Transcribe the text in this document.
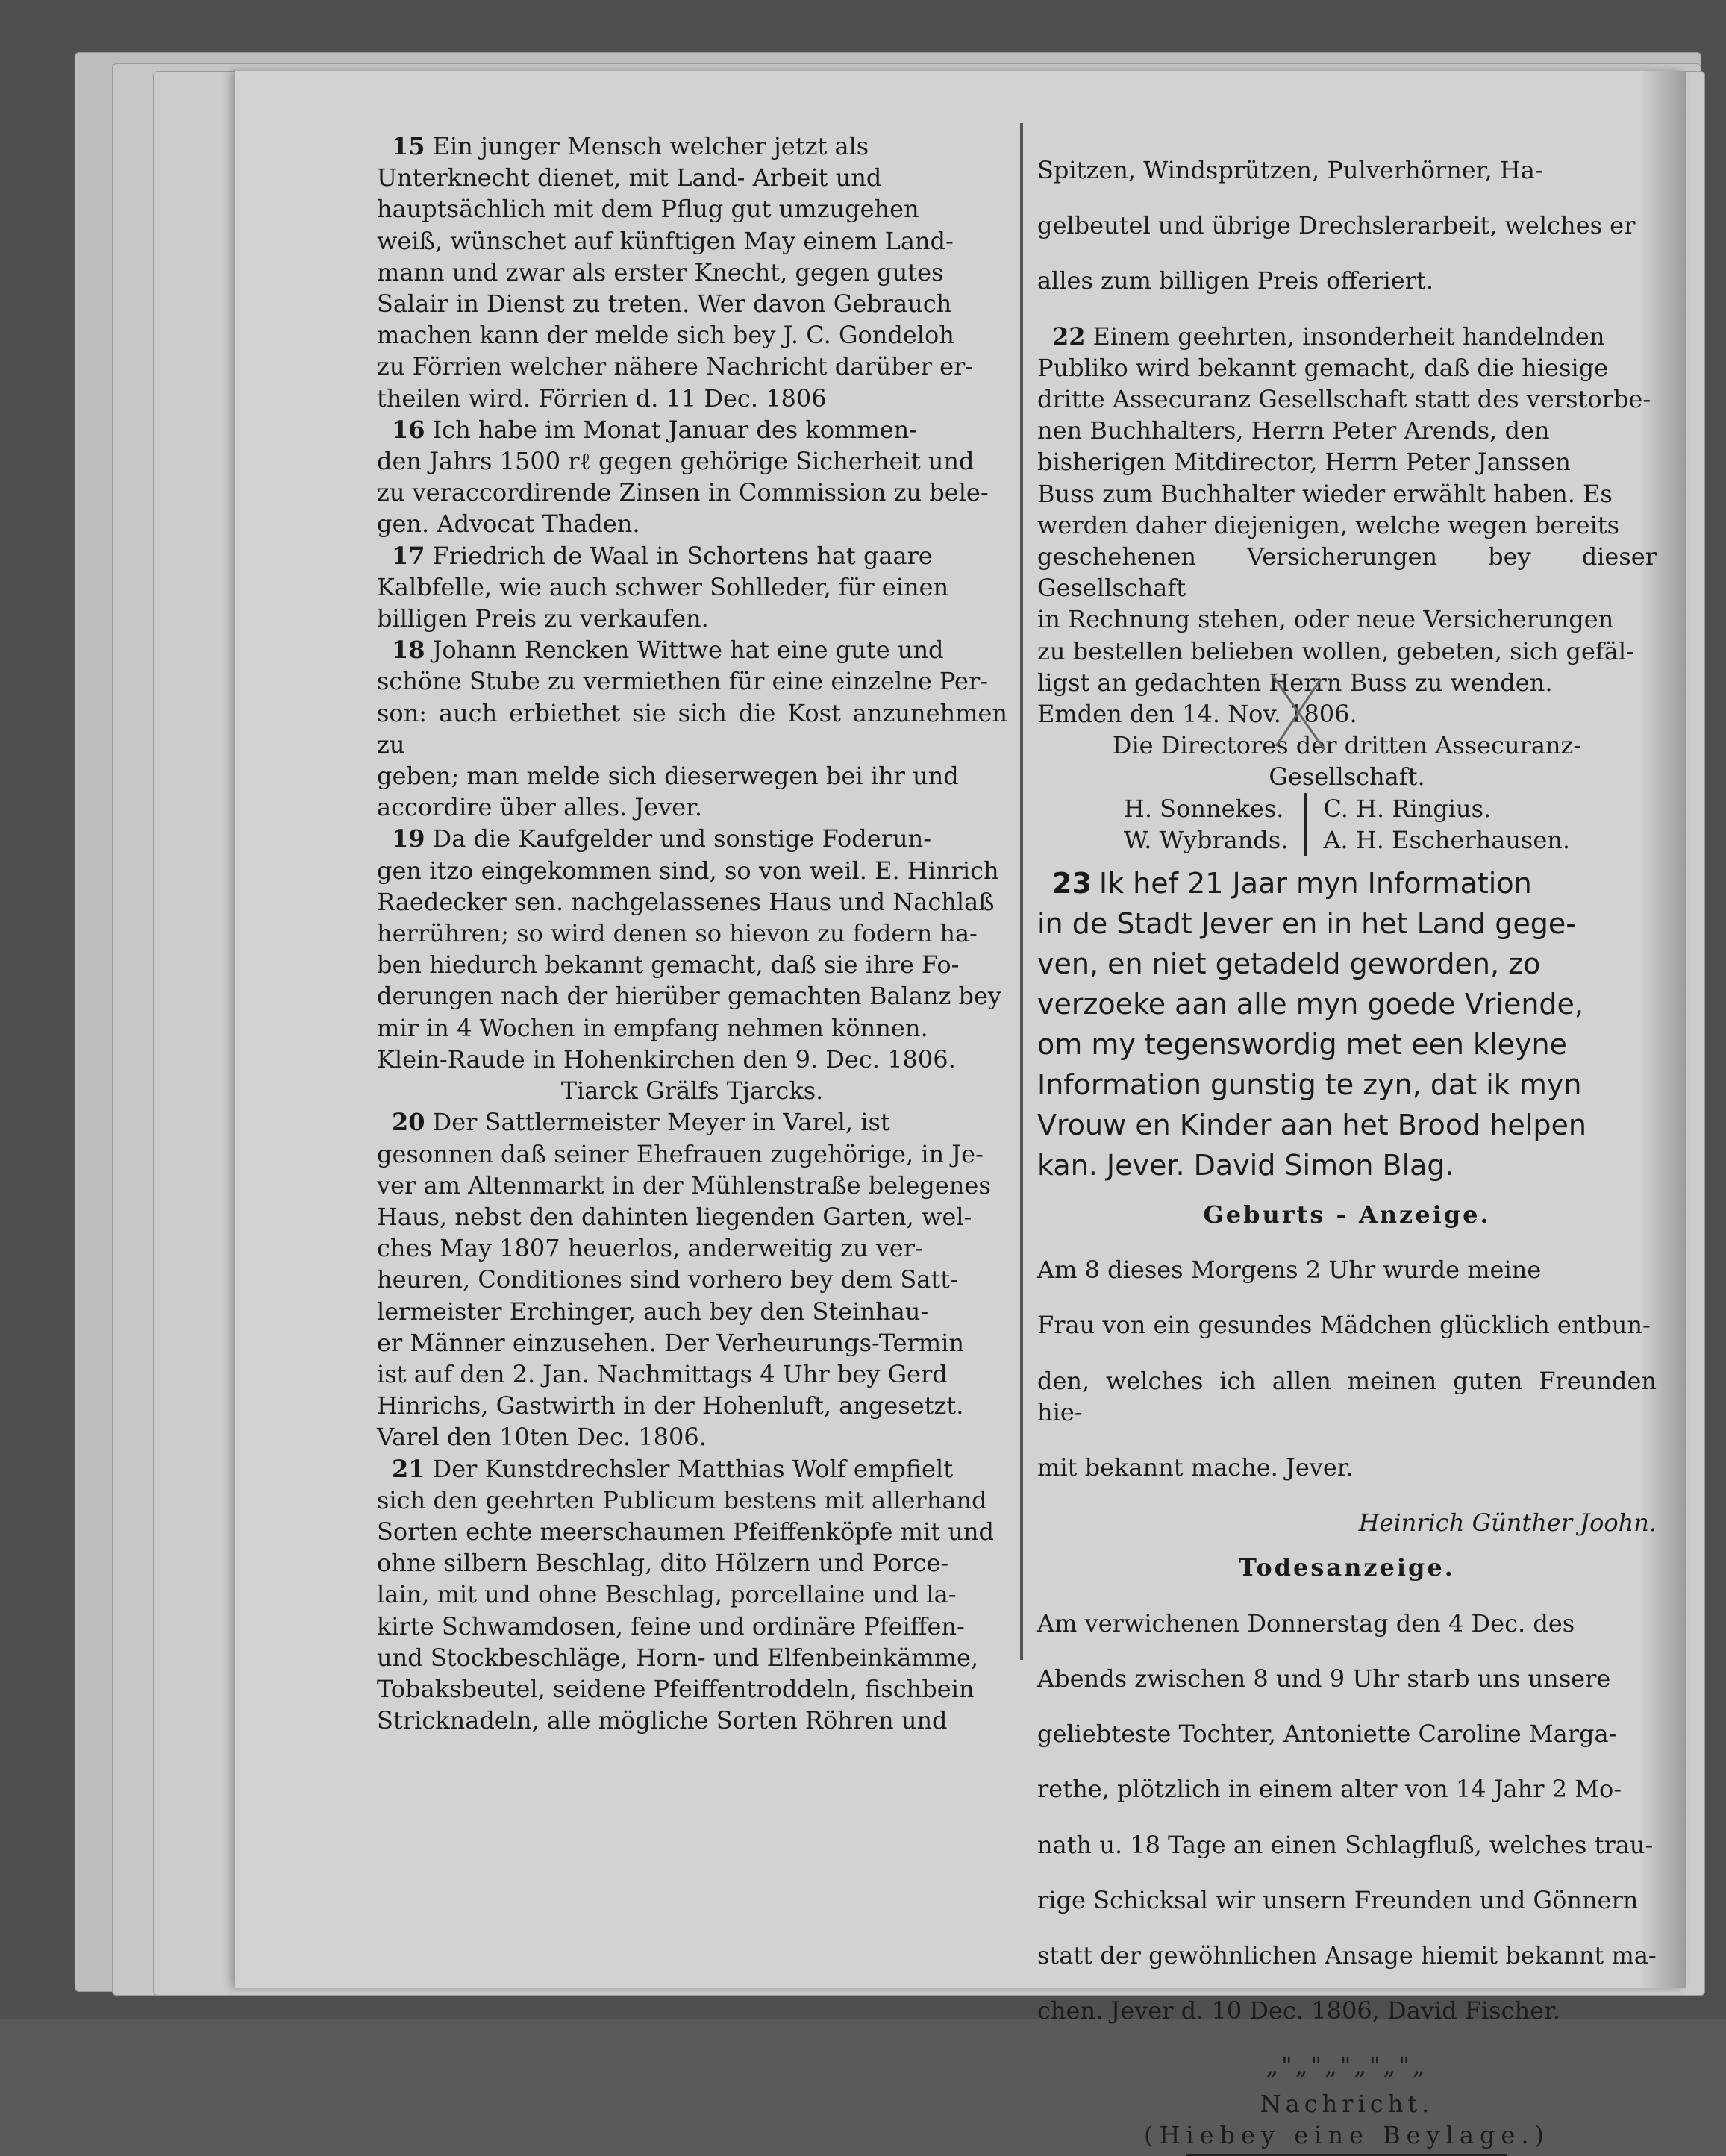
15 Ein junger Mensch welcher jetzt als

Unterknecht dienet, mit Land- Arbeit und

hauptsächlich mit dem Pflug gut umzugehen

weiß, wünschet auf künftigen May einem Land-

mann und zwar als erster Knecht, gegen gutes

Salair in Dienst zu treten. Wer davon Gebrauch

machen kann der melde sich bey J. C. Gondeloh

zu Förrien welcher nähere Nachricht darüber er-

theilen wird. Förrien d. 11 Dec. 1806

16 Ich habe im Monat Januar des kommen-

den Jahrs 1500 rℓ gegen gehörige Sicherheit und

zu veraccordirende Zinsen in Commission zu bele-

gen. Advocat Thaden.

17 Friedrich de Waal in Schortens hat gaare

Kalbfelle, wie auch schwer Sohlleder, für einen

billigen Preis zu verkaufen.

18 Johann Rencken Wittwe hat eine gute und

schöne Stube zu vermiethen für eine einzelne Per-

son: auch erbiethet sie sich die Kost anzunehmen zu

geben; man melde sich dieserwegen bei ihr und

accordire über alles. Jever.

19 Da die Kaufgelder und sonstige Foderun-

gen itzo eingekommen sind, so von weil. E. Hinrich

Raedecker sen. nachgelassenes Haus und Nachlaß

herrühren; so wird denen so hievon zu fodern ha-

ben hiedurch bekannt gemacht, daß sie ihre Fo-

derungen nach der hierüber gemachten Balanz bey

mir in 4 Wochen in empfang nehmen können.

Klein-Raude in Hohenkirchen den 9. Dec. 1806.

Tiarck Grälfs Tjarcks.

20 Der Sattlermeister Meyer in Varel, ist

gesonnen daß seiner Ehefrauen zugehörige, in Je-

ver am Altenmarkt in der Mühlenstraße belegenes

Haus, nebst den dahinten liegenden Garten, wel-

ches May 1807 heuerlos, anderweitig zu ver-

heuren, Conditiones sind vorhero bey dem Satt-

lermeister Erchinger, auch bey den Steinhau-

er Männer einzusehen. Der Verheurungs-Termin

ist auf den 2. Jan. Nachmittags 4 Uhr bey Gerd

Hinrichs, Gastwirth in der Hohenluft, angesetzt.

Varel den 10ten Dec. 1806.

21 Der Kunstdrechsler Matthias Wolf empfielt

sich den geehrten Publicum bestens mit allerhand

Sorten echte meerschaumen Pfeiffenköpfe mit und

ohne silbern Beschlag, dito Hölzern und Porce-

lain, mit und ohne Beschlag, porcellaine und la-

kirte Schwamdosen, feine und ordinäre Pfeiffen-

und Stockbeschläge, Horn- und Elfenbeinkämme,

Tobaksbeutel, seidene Pfeiffentroddeln, fischbein

Stricknadeln, alle mögliche Sorten Röhren und

Spitzen, Windsprützen, Pulverhörner, Ha-

gelbeutel und übrige Drechslerarbeit, welches er

alles zum billigen Preis offeriert.

22 Einem geehrten, insonderheit handelnden

Publiko wird bekannt gemacht, daß die hiesige

dritte Assecuranz Gesellschaft statt des verstorbe-

nen Buchhalters, Herrn Peter Arends, den

bisherigen Mitdirector, Herrn Peter Janssen

Buss zum Buchhalter wieder erwählt haben. Es

werden daher diejenigen, welche wegen bereits

geschehenen Versicherungen bey dieser Gesellschaft

in Rechnung stehen, oder neue Versicherungen

zu bestellen belieben wollen, gebeten, sich gefäl-

ligst an gedachten Herrn Buss zu wenden.

Emden den 14. Nov. 1806.

Die Directores der dritten Assecuranz-Gesellschaft.
H. Sonnekes.
W. Wybrands.
C. H. Ringius.
A. H. Escherhausen.

23 Ik hef 21 Jaar myn Information

in de Stadt Jever en in het Land gege-

ven, en niet getadeld geworden, zo

verzoeke aan alle myn goede Vriende,

om my tegenswordig met een kleyne

Information gunstig te zyn, dat ik myn

Vrouw en Kinder aan het Brood helpen

kan. Jever. David Simon Blag.

Geburts - Anzeige.

Am 8 dieses Morgens 2 Uhr wurde meine

Frau von ein gesundes Mädchen glücklich entbun-

den, welches ich allen meinen guten Freunden hie-

mit bekannt mache. Jever.

Heinrich Günther Joohn.
Todesanzeige.

Am verwichenen Donnerstag den 4 Dec. des

Abends zwischen 8 und 9 Uhr starb uns unsere

geliebteste Tochter, Antoniette Caroline Marga-

rethe, plötzlich in einem alter von 14 Jahr 2 Mo-

nath u. 18 Tage an einen Schlagfluß, welches trau-

rige Schicksal wir unsern Freunden und Gönnern

statt der gewöhnlichen Ansage hiemit bekannt ma-

chen. Jever d. 10 Dec. 1806, David Fischer.

„"„"„"„"„"„
Nachricht.
(Hiebey eine Beylage.)
